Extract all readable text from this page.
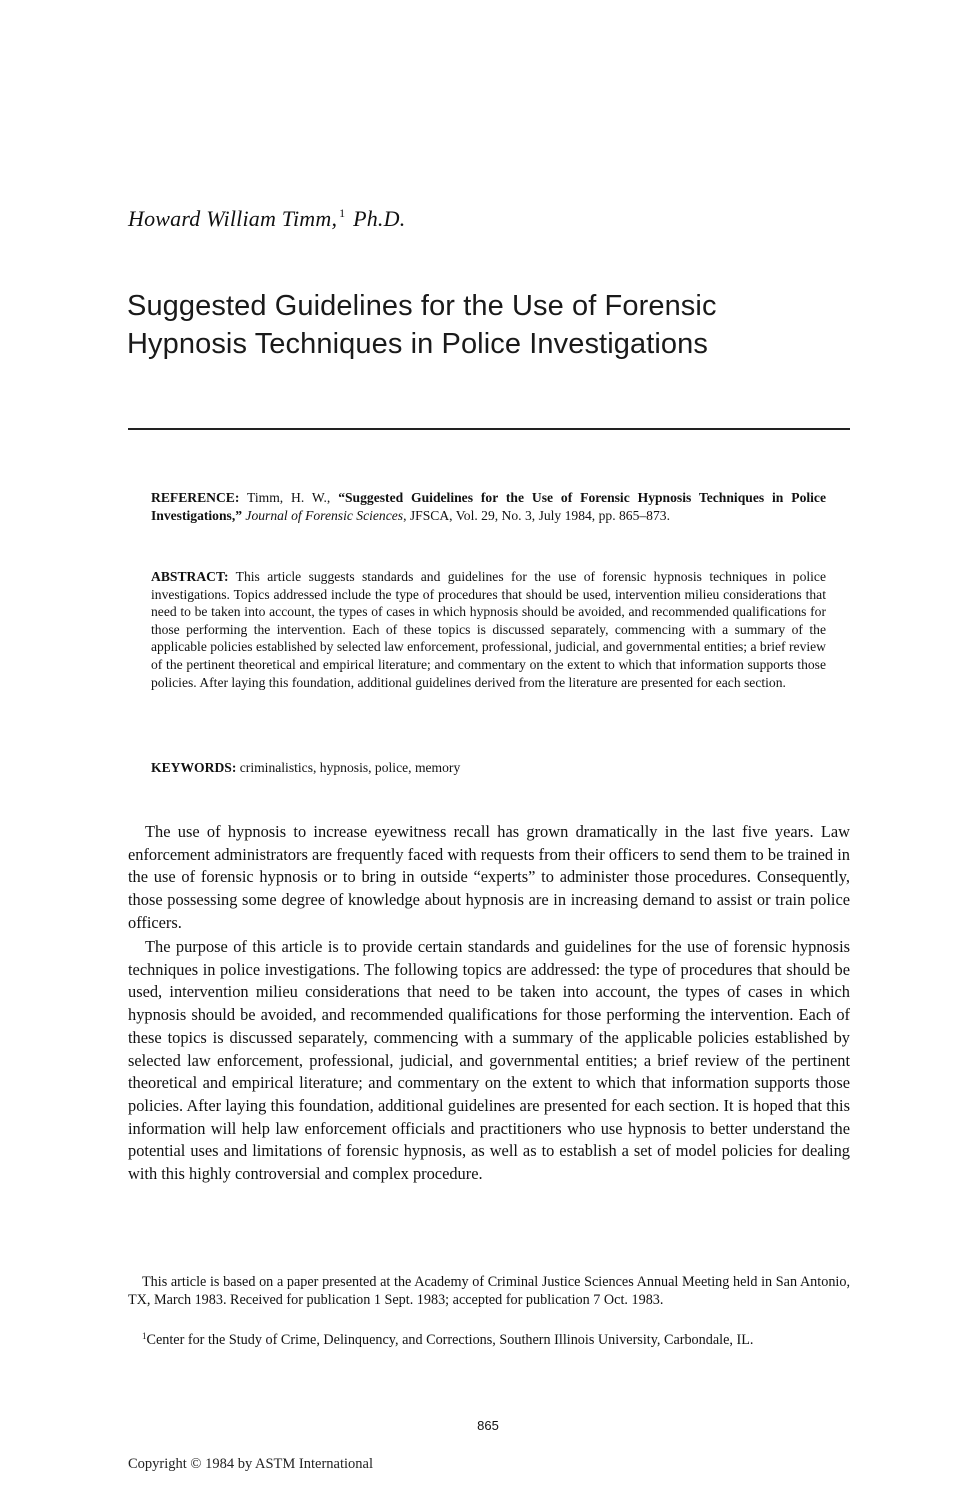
Howard William Timm, $^1$ Ph.D.
Suggested Guidelines for the Use of Forensic
Hypnosis Techniques in Police Investigations

REFERENCE: Timm, H. W., “Suggested Guidelines for the Use of Forensic Hypnosis Techniques in Police Investigations,” Journal of Forensic Sciences, JFSCA, Vol. 29, No. 3, July 1984, pp. 865–873.

ABSTRACT: This article suggests standards and guidelines for the use of forensic hypnosis techniques in police investigations. Topics addressed include the type of procedures that should be used, intervention milieu considerations that need to be taken into account, the types of cases in which hypnosis should be avoided, and recommended qualifications for those performing the intervention. Each of these topics is discussed separately, commencing with a summary of the applicable policies established by selected law enforcement, professional, judicial, and governmental entities; a brief review of the pertinent theoretical and empirical literature; and commentary on the extent to which that information supports those policies. After laying this foundation, additional guidelines derived from the literature are presented for each section.

KEYWORDS: criminalistics, hypnosis, police, memory

The use of hypnosis to increase eyewitness recall has grown dramatically in the last five years. Law enforcement administrators are frequently faced with requests from their officers to send them to be trained in the use of forensic hypnosis or to bring in outside “experts” to administer those procedures. Consequently, those possessing some degree of knowledge about hypnosis are in increasing demand to assist or train police officers.

The purpose of this article is to provide certain standards and guidelines for the use of forensic hypnosis techniques in police investigations. The following topics are addressed: the type of procedures that should be used, intervention milieu considerations that need to be taken into account, the types of cases in which hypnosis should be avoided, and recommended qualifications for those performing the intervention. Each of these topics is discussed separately, commencing with a summary of the applicable policies established by selected law enforcement, professional, judicial, and governmental entities; a brief review of the pertinent theoretical and empirical literature; and commentary on the extent to which that information supports those policies. After laying this foundation, additional guidelines are presented for each section. It is hoped that this information will help law enforcement officials and practitioners who use hypnosis to better understand the potential uses and limitations of forensic hypnosis, as well as to establish a set of model policies for dealing with this highly controversial and complex procedure.

This article is based on a paper presented at the Academy of Criminal Justice Sciences Annual Meeting held in San Antonio, TX, March 1983. Received for publication 1 Sept. 1983; accepted for publication 7 Oct. 1983.

$^1$Center for the Study of Crime, Delinquency, and Corrections, Southern Illinois University, Carbondale, IL.

865
Copyright © 1984 by ASTM International
